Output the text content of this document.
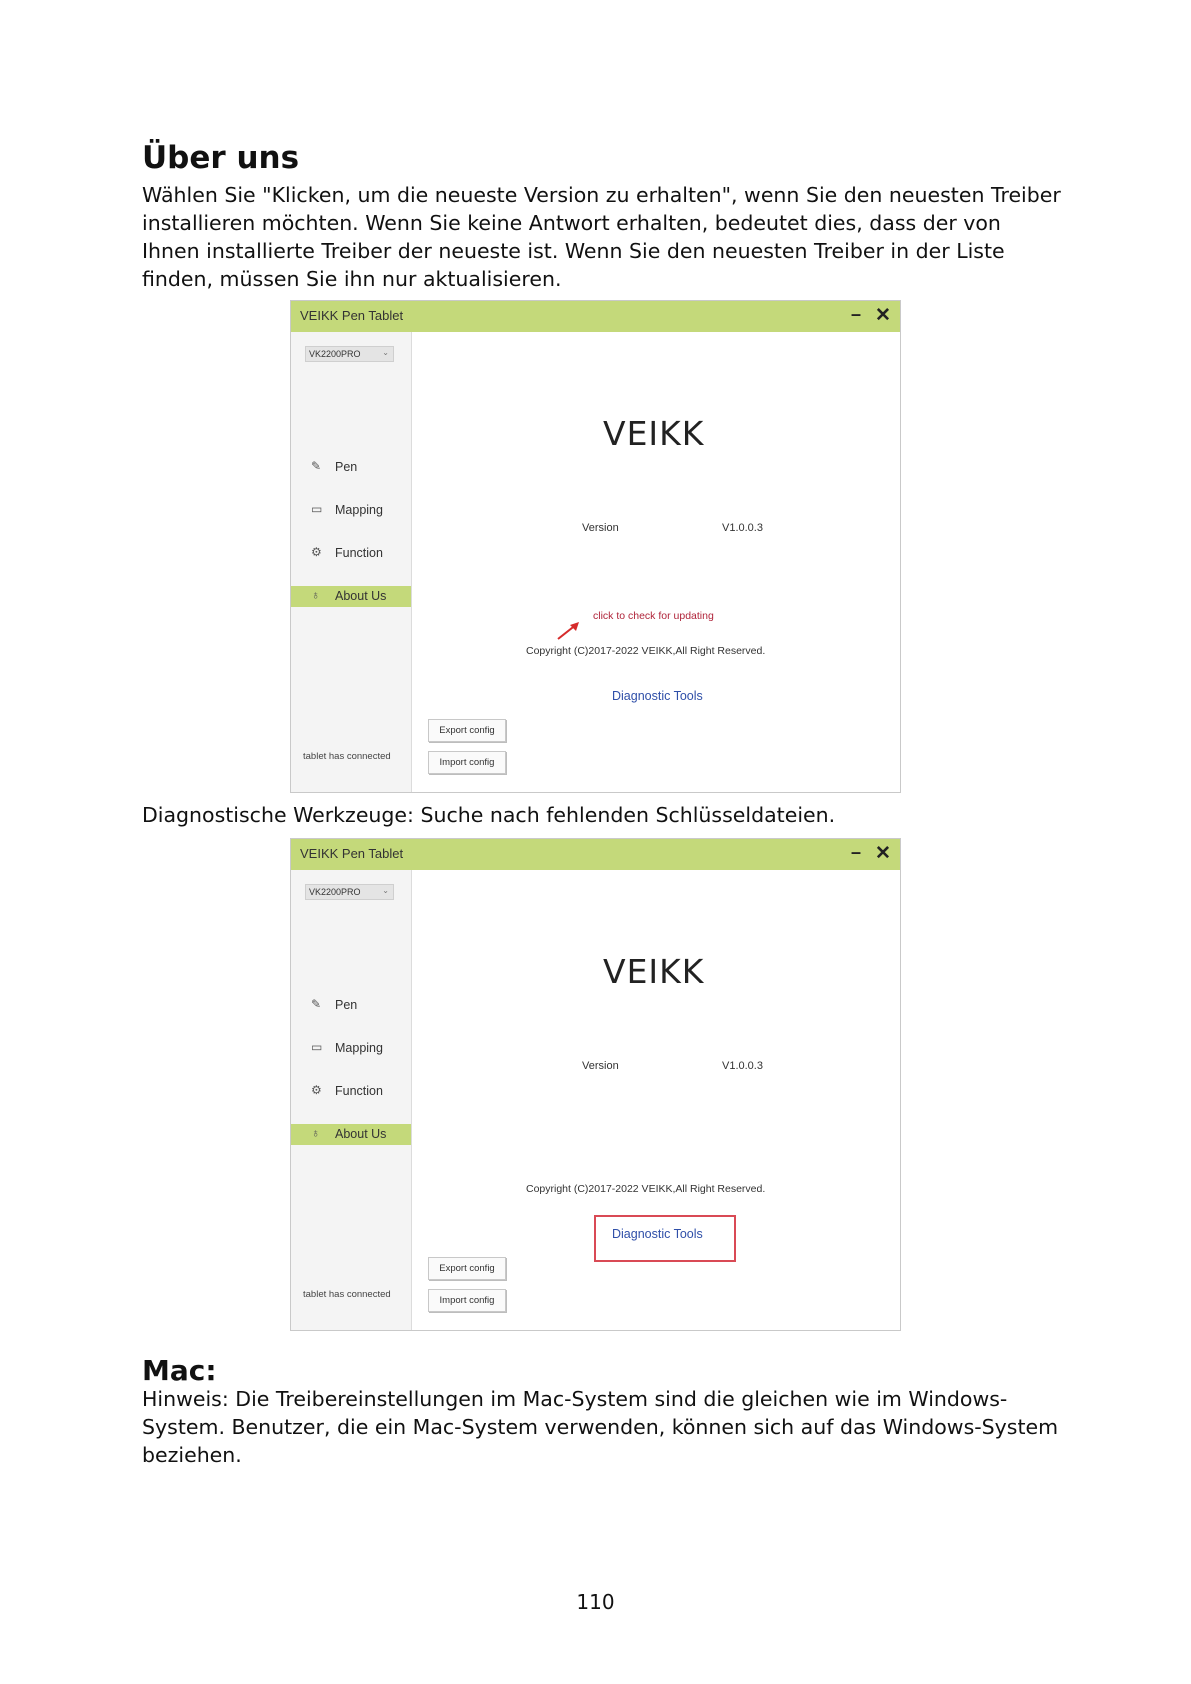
Über uns
Wählen Sie "Klicken, um die neueste Version zu erhalten", wenn Sie den neuesten Treiber installieren möchten. Wenn Sie keine Antwort erhalten, bedeutet dies, dass der von Ihnen installierte Treiber der neueste ist. Wenn Sie den neuesten Treiber in der Liste finden, müssen Sie ihn nur aktualisieren.
VEIKK Pen Tablet	– ✕
VK2200PRO	⌄
✎ Pen
▭ Mapping
⚙ Function
♁ About Us
VEIKK
Version	V1.0.0.3
click to check for updating
Copyright (C)2017-2022 VEIKK,All Right Reserved.
Diagnostic Tools
Export config
Import config
tablet has connected
Diagnostische Werkzeuge: Suche nach fehlenden Schlüsseldateien.
VEIKK Pen Tablet	– ✕
VK2200PRO	⌄
✎ Pen
▭ Mapping
⚙ Function
♁ About Us
VEIKK
Version	V1.0.0.3
Copyright (C)2017-2022 VEIKK,All Right Reserved.
Diagnostic Tools
Export config
Import config
tablet has connected
Mac:
Hinweis: Die Treibereinstellungen im Mac-System sind die gleichen wie im Windows-System. Benutzer, die ein Mac-System verwenden, können sich auf das Windows-System beziehen.
110
